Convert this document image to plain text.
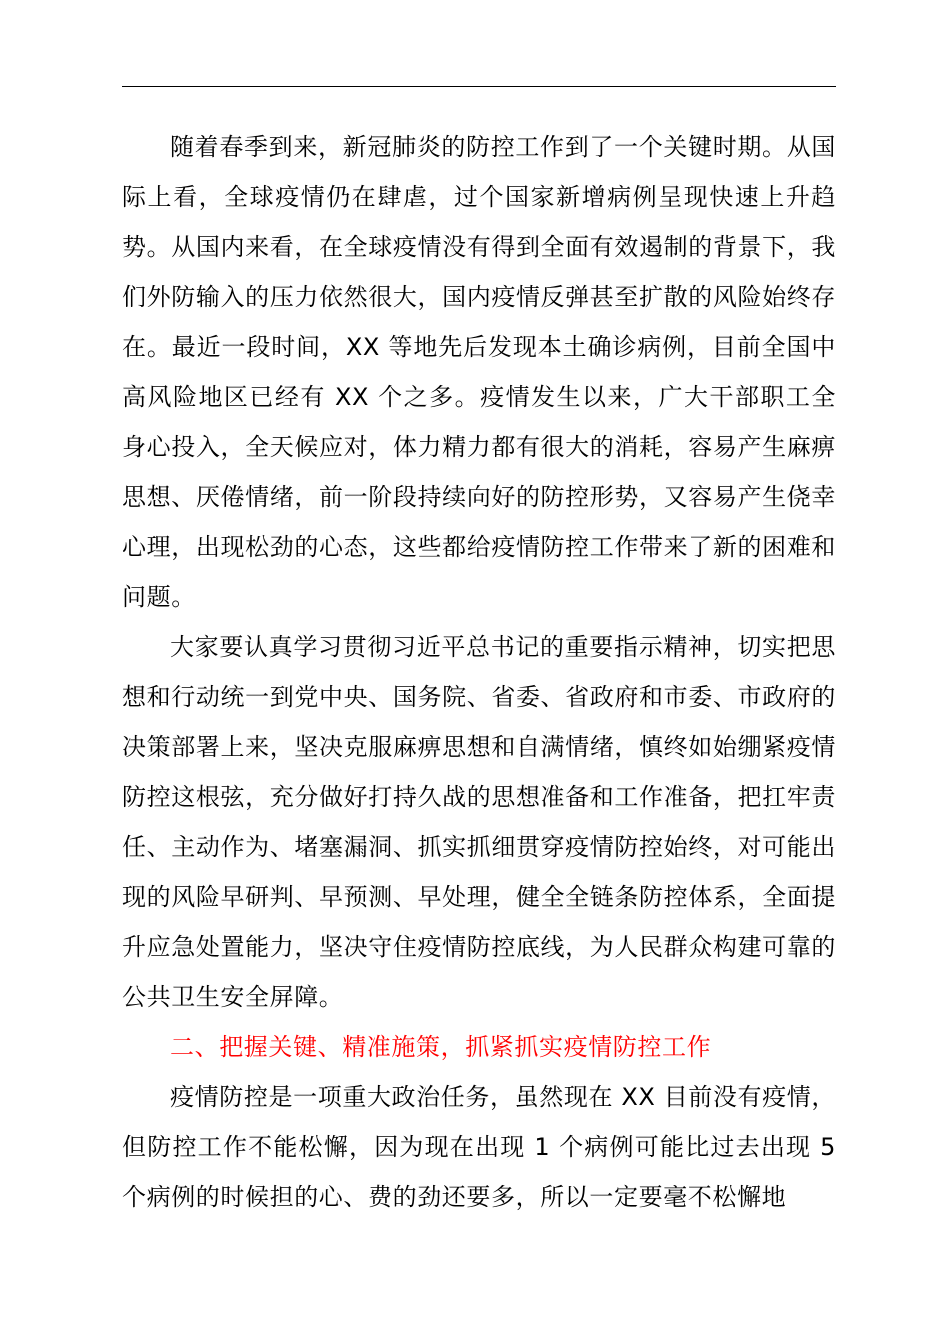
随着春季到来，新冠肺炎的防控工作到了一个关键时期。从国际上看，全球疫情仍在肆虐，过个国家新增病例呈现快速上升趋势。从国内来看，在全球疫情没有得到全面有效遏制的背景下，我们外防输入的压力依然很大，国内疫情反弹甚至扩散的风险始终存在。最近一段时间，XX 等地先后发现本土确诊病例，目前全国中高风险地区已经有 XX 个之多。疫情发生以来，广大干部职工全身心投入，全天候应对，体力精力都有很大的消耗，容易产生麻痹思想、厌倦情绪，前一阶段持续向好的防控形势，又容易产生侥幸心理，出现松劲的心态，这些都给疫情防控工作带来了新的困难和问题。

大家要认真学习贯彻习近平总书记的重要指示精神，切实把思想和行动统一到党中央、国务院、省委、省政府和市委、市政府的决策部署上来，坚决克服麻痹思想和自满情绪，慎终如始绷紧疫情防控这根弦，充分做好打持久战的思想准备和工作准备，把扛牢责任、主动作为、堵塞漏洞、抓实抓细贯穿疫情防控始终，对可能出现的风险早研判、早预测、早处理，健全全链条防控体系，全面提升应急处置能力，坚决守住疫情防控底线，为人民群众构建可靠的公共卫生安全屏障。

二、把握关键、精准施策，抓紧抓实疫情防控工作

疫情防控是一项重大政治任务，虽然现在 XX 目前没有疫情，但防控工作不能松懈，因为现在出现 1 个病例可能比过去出现 5 个病例的时候担的心、费的劲还要多，所以一定要毫不松懈地
